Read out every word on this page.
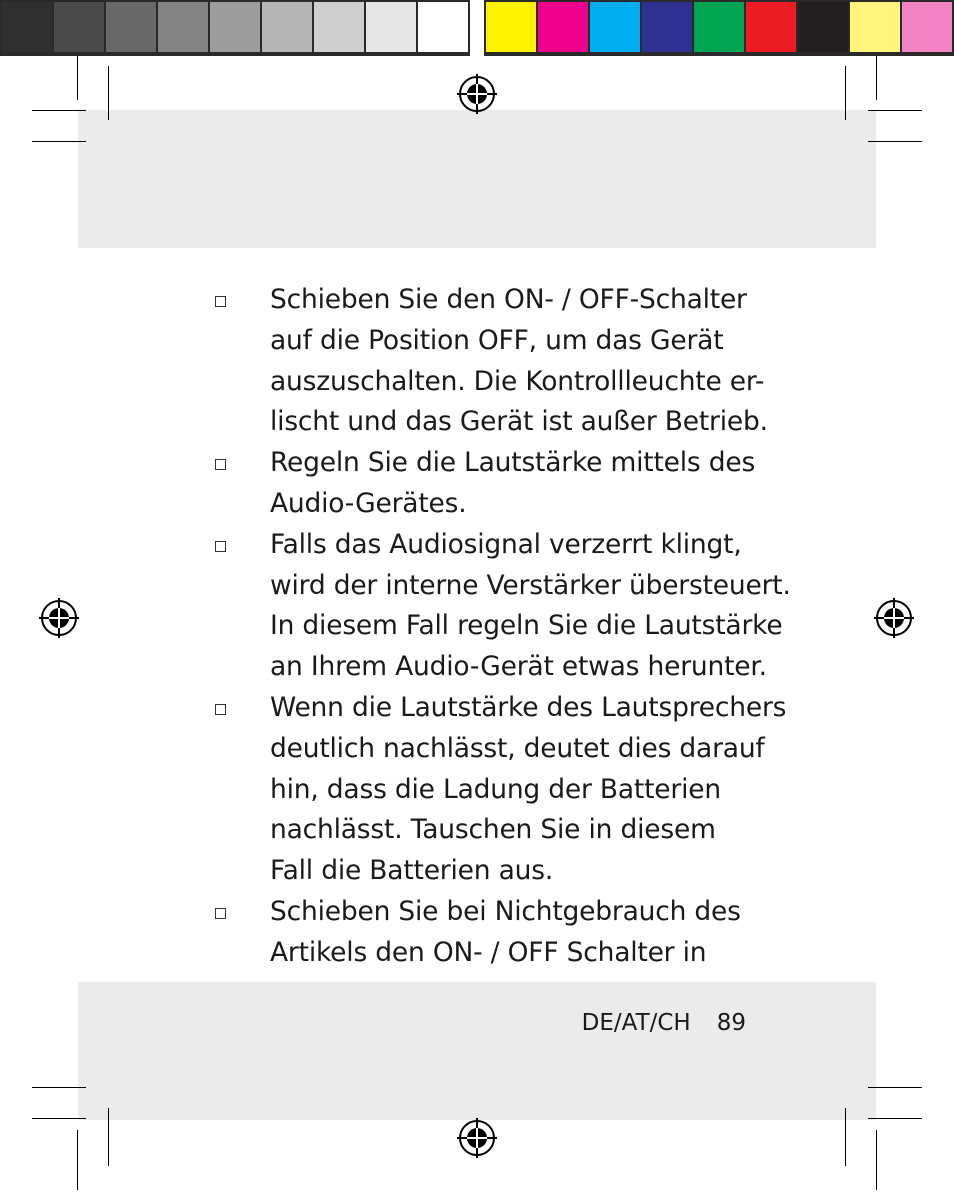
Schieben Sie den ON- / OFF-Schalter
auf die Position OFF, um das Gerät
auszuschalten. Die Kontrollleuchte er-
lischt und das Gerät ist außer Betrieb.
Regeln Sie die Lautstärke mittels des
Audio-Gerätes.
Falls das Audiosignal verzerrt klingt,
wird der interne Verstärker übersteuert.
In diesem Fall regeln Sie die Lautstärke
an Ihrem Audio-Gerät etwas herunter.
Wenn die Lautstärke des Lautsprechers
deutlich nachlässt, deutet dies darauf
hin, dass die Ladung der Batterien
nachlässt. Tauschen Sie in diesem
Fall die Batterien aus.
Schieben Sie bei Nichtgebrauch des
Artikels den ON- / OFF Schalter in
DE/AT/CH 89
